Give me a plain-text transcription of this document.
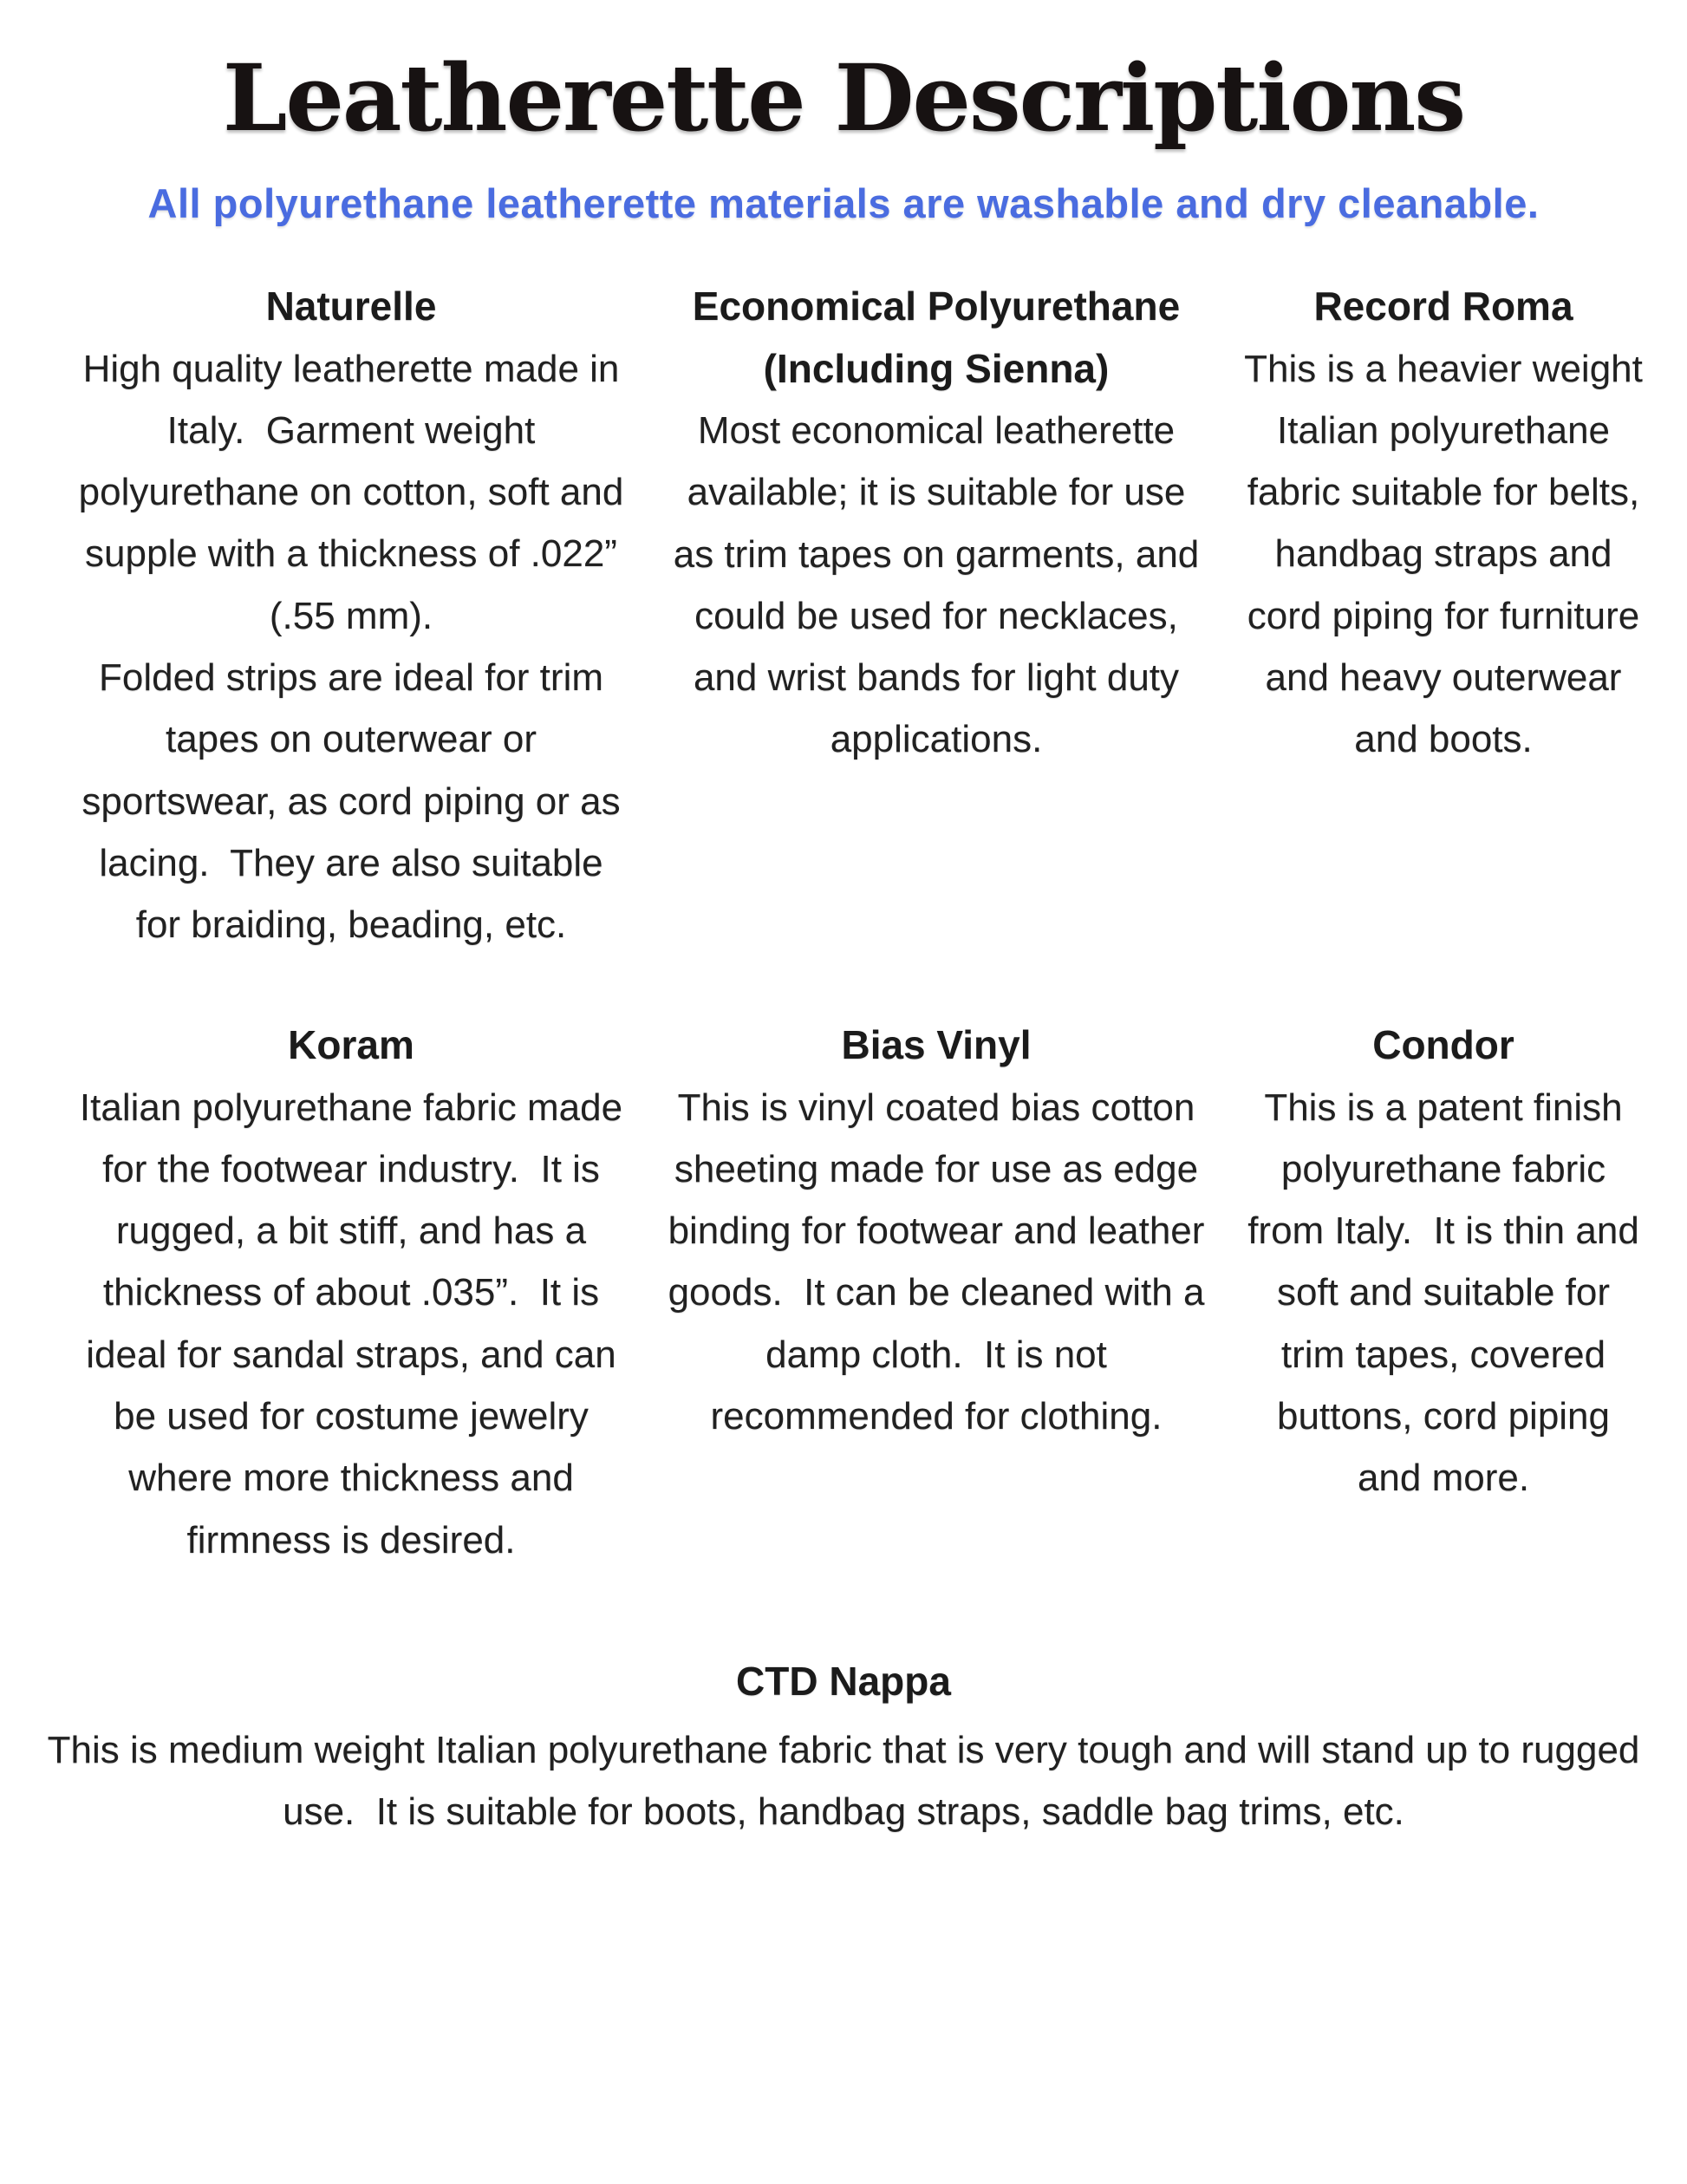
Leatherette Descriptions
All polyurethane leatherette materials are washable and dry cleanable.
Naturelle

High quality leatherette made in Italy.  Garment weight polyurethane on cotton, soft and supple with a thickness of .022” (.55 mm).

Folded strips are ideal for trim tapes on outerwear or sportswear, as cord piping or as lacing.  They are also suitable for braiding, beading, etc.

Economical Polyurethane (Including Sienna)

Most economical leatherette available; it is suitable for use as trim tapes on garments, and could be used for necklaces, and wrist bands for light duty applications.

Record Roma

This is a heavier weight Italian polyurethane fabric suitable for belts, handbag straps and cord piping for furniture and heavy outerwear and boots.

Koram

Italian polyurethane fabric made for the footwear industry.  It is rugged, a bit stiff, and has a thickness of about .035”.  It is ideal for sandal straps, and can be used for costume jewelry where more thickness and firmness is desired.

Bias Vinyl

This is vinyl coated bias cotton sheeting made for use as edge binding for footwear and leather goods.  It can be cleaned with a damp cloth.  It is not recommended for clothing.

Condor

This is a patent finish polyurethane fabric from Italy.  It is thin and soft and suitable for trim tapes, covered buttons, cord piping and more.

CTD Nappa

This is medium weight Italian polyurethane fabric that is very tough and will stand up to rugged use.  It is suitable for boots, handbag straps, saddle bag trims, etc.
